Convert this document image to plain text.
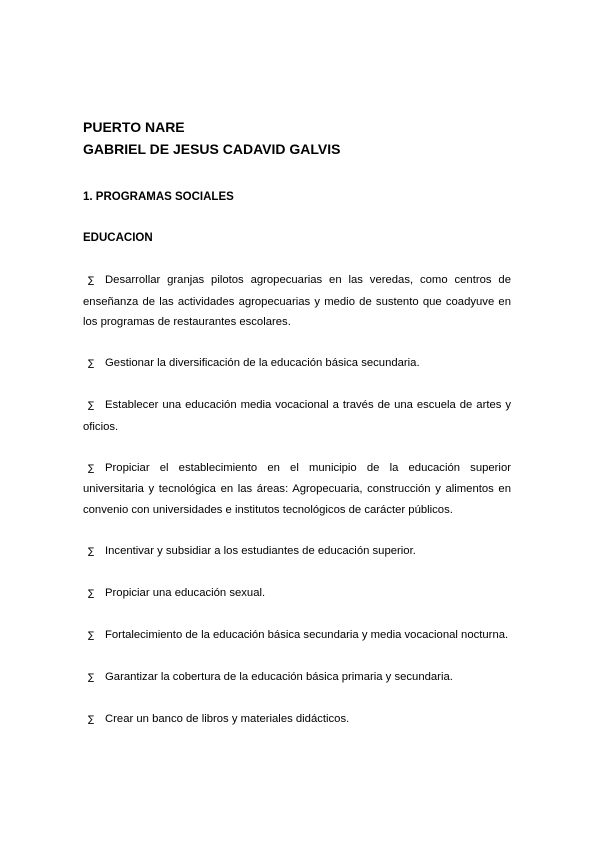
PUERTO NARE

GABRIEL DE JESUS CADAVID GALVIS

1. PROGRAMAS SOCIALES

EDUCACION

∑ Desarrollar granjas pilotos agropecuarias en las veredas, como centros de enseñanza de las actividades agropecuarias y medio de sustento que coadyuve en los programas de restaurantes escolares.
∑ Gestionar la diversificación de la educación básica secundaria.
∑ Establecer una educación media vocacional a través de una escuela de artes y oficios.
∑ Propiciar el establecimiento en el municipio de la educación superior universitaria y tecnológica en las áreas: Agropecuaria, construcción y alimentos en convenio con universidades e institutos tecnológicos de carácter públicos.
∑ Incentivar y subsidiar a los estudiantes de educación superior.
∑ Propiciar una educación sexual.
∑ Fortalecimiento de la educación básica secundaria y media vocacional nocturna.
∑ Garantizar la cobertura de la educación básica primaria y secundaria.
∑ Crear un banco de libros y materiales didácticos.
